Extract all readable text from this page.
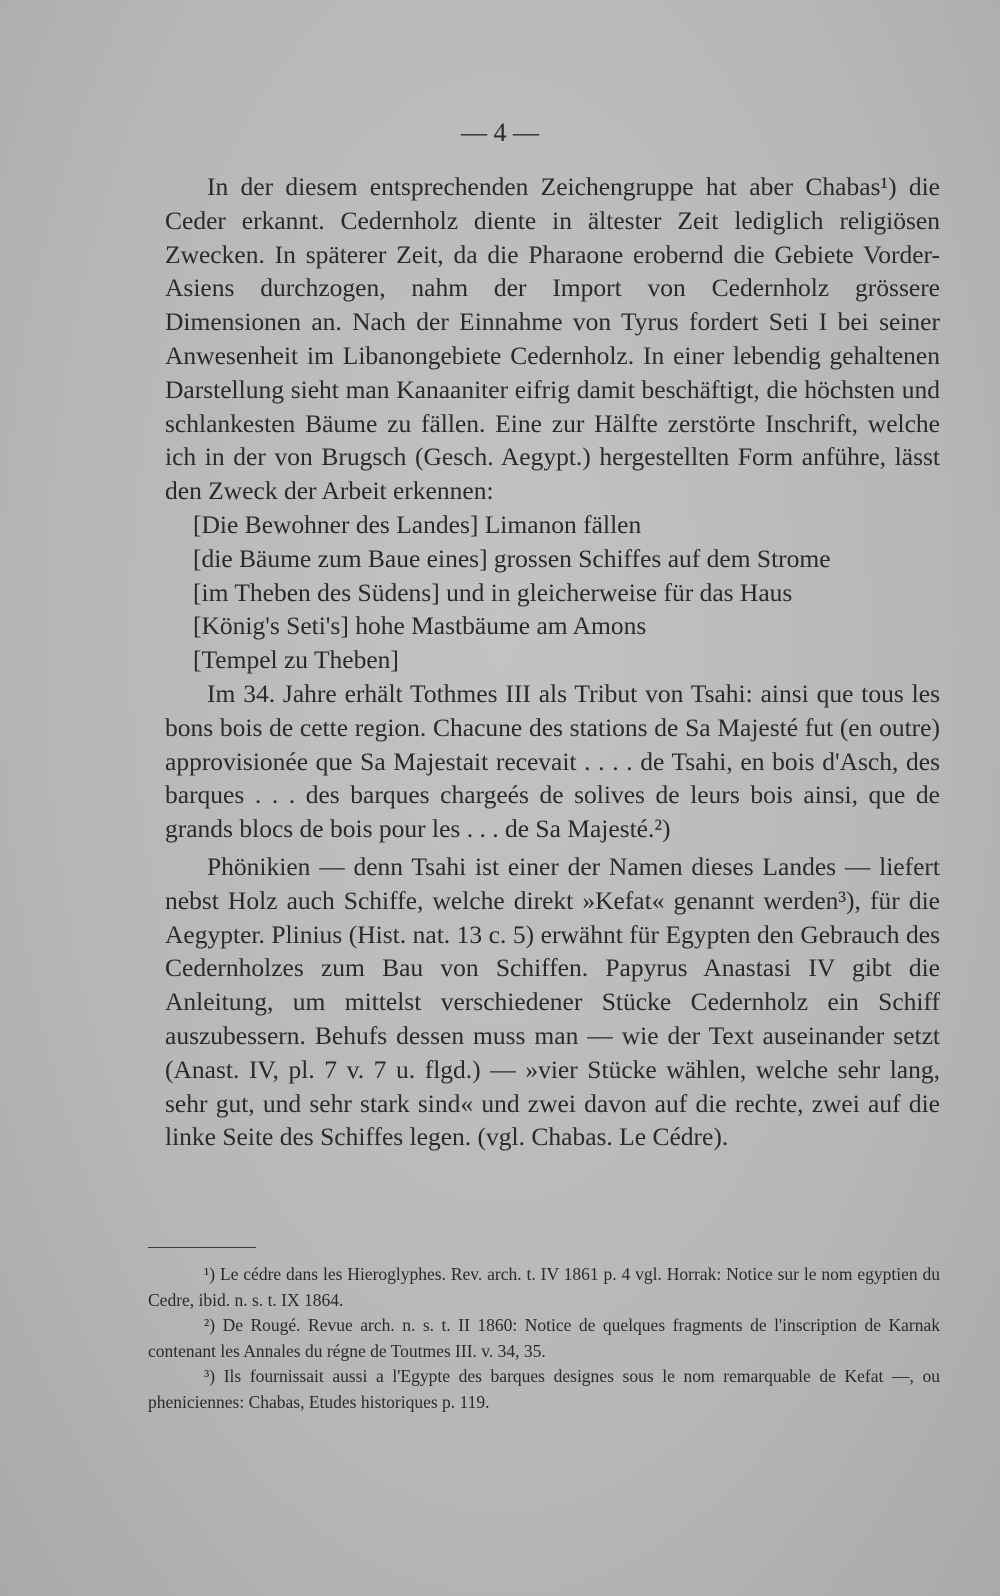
— 4 —

In der diesem entsprechenden Zeichengruppe hat aber Chabas¹) die Ceder erkannt. Cedernholz diente in ältester Zeit lediglich religiösen Zwecken. In späterer Zeit, da die Pharaone erobernd die Gebiete Vorder-Asiens durchzogen, nahm der Import von Cedernholz grössere Dimensionen an. Nach der Einnahme von Tyrus fordert Seti I bei seiner Anwesenheit im Libanongebiete Cedernholz. In einer lebendig gehaltenen Darstellung sieht man Kanaaniter eifrig damit beschäftigt, die höchsten und schlankesten Bäume zu fällen. Eine zur Hälfte zerstörte Inschrift, welche ich in der von Brugsch (Gesch. Aegypt.) hergestellten Form anführe, lässt den Zweck der Arbeit erkennen:

[Die Bewohner des Landes] Limanon fällen
[die Bäume zum Baue eines] grossen Schiffes auf dem Strome
[im Theben des Südens] und in gleicherweise für das Haus
[König's Seti's] hohe Mastbäume am Amons
[Tempel zu Theben]

Im 34. Jahre erhält Tothmes III als Tribut von Tsahi: ainsi que tous les bons bois de cette region. Chacune des stations de Sa Majesté fut (en outre) approvisionée que Sa Majestait recevait . . . . de Tsahi, en bois d'Asch, des barques . . . des barques chargeés de solives de leurs bois ainsi, que de grands blocs de bois pour les . . . de Sa Majesté.²)

Phönikien — denn Tsahi ist einer der Namen dieses Landes — liefert nebst Holz auch Schiffe, welche direkt »Kefat« genannt werden³), für die Aegypter. Plinius (Hist. nat. 13 c. 5) erwähnt für Egypten den Gebrauch des Cedernholzes zum Bau von Schiffen. Papyrus Anastasi IV gibt die Anleitung, um mittelst verschiedener Stücke Cedernholz ein Schiff auszubessern. Behufs dessen muss man — wie der Text auseinander setzt (Anast. IV, pl. 7 v. 7 u. flgd.) — »vier Stücke wählen, welche sehr lang, sehr gut, und sehr stark sind« und zwei davon auf die rechte, zwei auf die linke Seite des Schiffes legen. (vgl. Chabas. Le Cédre).

¹) Le cédre dans les Hieroglyphes. Rev. arch. t. IV 1861 p. 4 vgl. Horrak: Notice sur le nom egyptien du Cedre, ibid. n. s. t. IX 1864.

²) De Rougé. Revue arch. n. s. t. II 1860: Notice de quelques fragments de l'inscription de Karnak contenant les Annales du régne de Toutmes III. v. 34, 35.

³) Ils fournissait aussi a l'Egypte des barques designes sous le nom remarquable de Kefat —, ou pheniciennes: Chabas, Etudes historiques p. 119.
